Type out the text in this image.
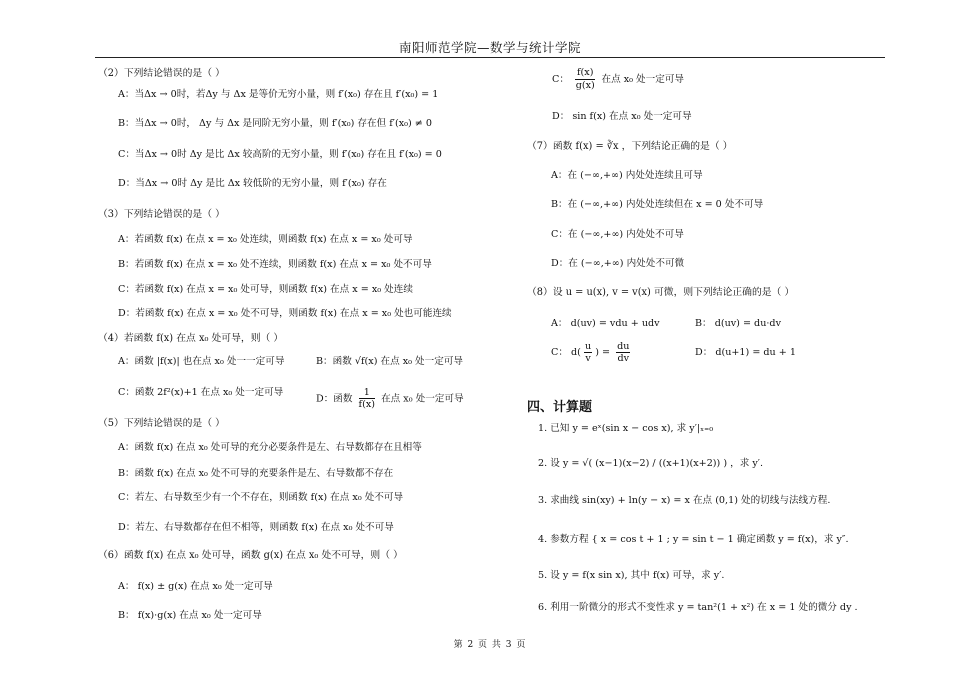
南阳师范学院—数学与统计学院
（2）下列结论错误的是（ ）
A：当Δx → 0时，若Δy 与 Δx 是等价无穷小量，则 f′(x₀) 存在且 f′(x₀) = 1
B：当Δx → 0时， Δy 与 Δx 是同阶无穷小量，则 f′(x₀) 存在但 f′(x₀) ≠ 0
C：当Δx → 0时 Δy 是比 Δx 较高阶的无穷小量，则 f′(x₀) 存在且 f′(x₀) = 0
D：当Δx → 0时 Δy 是比 Δx 较低阶的无穷小量，则 f′(x₀) 存在
（3）下列结论错误的是（ ）
A：若函数 f(x) 在点 x = x₀ 处连续，则函数 f(x) 在点 x = x₀ 处可导
B：若函数 f(x) 在点 x = x₀ 处不连续，则函数 f(x) 在点 x = x₀ 处不可导
C：若函数 f(x) 在点 x = x₀ 处可导，则函数 f(x) 在点 x = x₀ 处连续
D：若函数 f(x) 在点 x = x₀ 处不可导，则函数 f(x) 在点 x = x₀ 处也可能连续
（4）若函数 f(x) 在点 x₀ 处可导，则（ ）
A：函数 |f(x)| 也在点 x₀ 处一一定可导	B：函数 √f(x) 在点 x₀ 处一定可导
C：函数 2f²(x)+1 在点 x₀ 处一定可导
D：函数 $\frac{1}{f(x)}$ 在点 x₀ 处一定可导
（5）下列结论错误的是（ ）
A：函数 f(x) 在点 x₀ 处可导的充分必要条件是左、右导数都存在且相等
B：函数 f(x) 在点 x₀ 处不可导的充要条件是左、右导数都不存在
C：若左、右导数至少有一个不存在，则函数 f(x) 在点 x₀ 处不可导
D：若左、右导数都存在但不相等，则函数 f(x) 在点 x₀ 处不可导
（6）函数 f(x) 在点 x₀ 处可导，函数 g(x) 在点 x₀ 处不可导，则（ ）
A： f(x) ± g(x) 在点 x₀ 处一定可导
B： f(x)·g(x) 在点 x₀ 处一定可导
C： $\frac{f(x)}{g(x)}$ 在点 x₀ 处一定可导
D： sin f(x) 在点 x₀ 处一定可导
（7）函数 f(x) = ∛x ，下列结论正确的是（ ）
A：在 (−∞,+∞) 内处处连续且可导
B：在 (−∞,+∞) 内处处连续但在 x = 0 处不可导
C：在 (−∞,+∞) 内处处不可导
D：在 (−∞,+∞) 内处处不可微
（8）设 u = u(x), v = v(x) 可微，则下列结论正确的是（ ）
A： d(uv) = vdu + udv	B： d(uv) = du·dv
C： $d( \frac{u}{v}$ ) = $\frac{du}{dv}$	D： d(u+1) = du + 1
四、计算题
1. 已知 y = eˣ(sin x − cos x), 求 y′|ₓ₌₀
2. 设 y = √( (x−1)(x−2) / ((x+1)(x+2)) ) ，求 y′.
3. 求曲线 sin(xy) + ln(y − x) = x 在点 (0,1) 处的切线与法线方程.
4. 参数方程 { x = cos t + 1 ; y = sin t − 1 确定函数 y = f(x)，求 y″.
5. 设 y = f(x sin x), 其中 f(x) 可导，求 y′.
6. 利用一阶微分的形式不变性求 y = tan²(1 + x²) 在 x = 1 处的微分 dy .
第 2 页 共 3 页
